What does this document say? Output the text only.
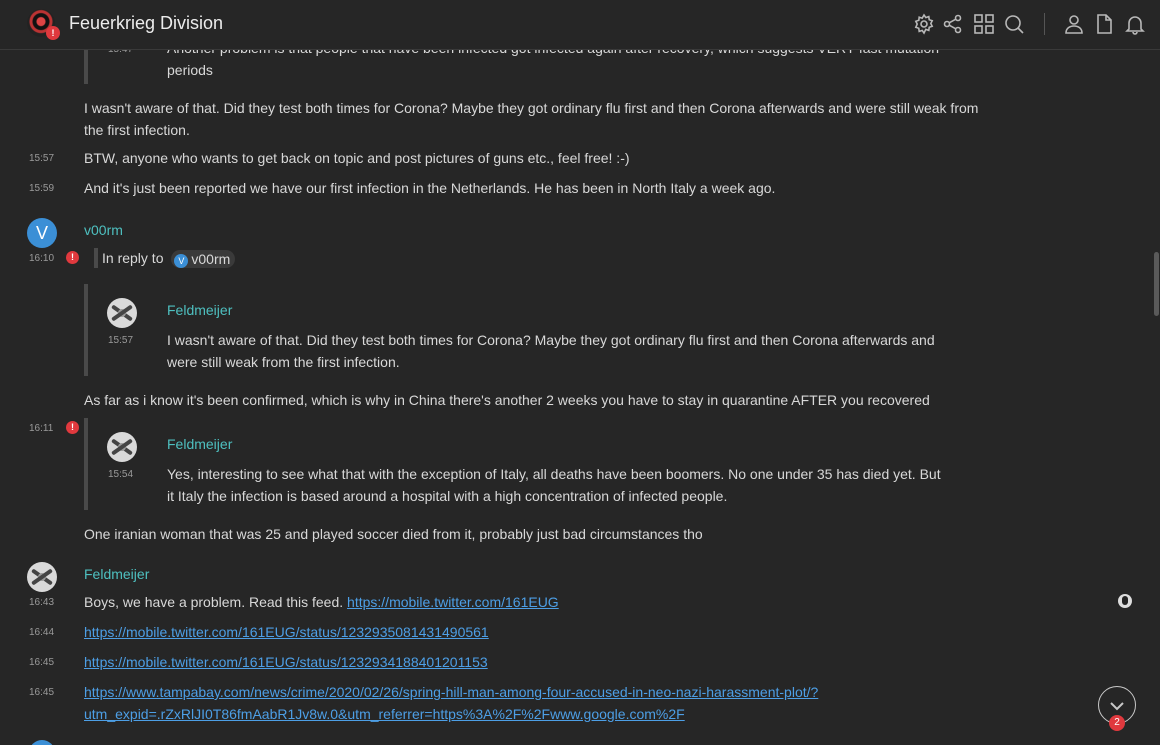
periods
I wasn't aware of that. Did they test both times for Corona? Maybe they got ordinary flu first and then Corona afterwards and were still weak from the first infection.
15:57 BTW, anyone who wants to get back on topic and post pictures of guns etc., feel free! :-)
15:59 And it's just been reported we have our first infection in the Netherlands. He has been in North Italy a week ago.
V	v00rm
16:10	!	In reply to V v00rm
Feldmeijer
15:57 I wasn't aware of that. Did they test both times for Corona? Maybe they got ordinary flu first and then Corona afterwards and were still weak from the first infection.
As far as i know it's been confirmed, which is why in China there's another 2 weeks you have to stay in quarantine AFTER you recovered
16:11	!
Feldmeijer
15:54 Yes, interesting to see what that with the exception of Italy, all deaths have been boomers. No one under 35 has died yet. But it Italy the infection is based around a hospital with a high concentration of infected people.
One iranian woman that was 25 and played soccer died from it, probably just bad circumstances tho
Feldmeijer
16:43 Boys, we have a problem. Read this feed. https://mobile.twitter.com/161EUG
16:44 https://mobile.twitter.com/161EUG/status/1232935081431490561
16:45 https://mobile.twitter.com/161EUG/status/1232934188401201153
16:45 https://www.tampabay.com/news/crime/2020/02/26/spring-hill-man-among-four-accused-in-neo-nazi-harassment-plot/?
utm_expid=.rZxRlJI0T86fmAabR1Jv8w.0&utm_referrer=https%3A%2F%2Fwww.google.com%2F
2
! Feuerkrieg Division
